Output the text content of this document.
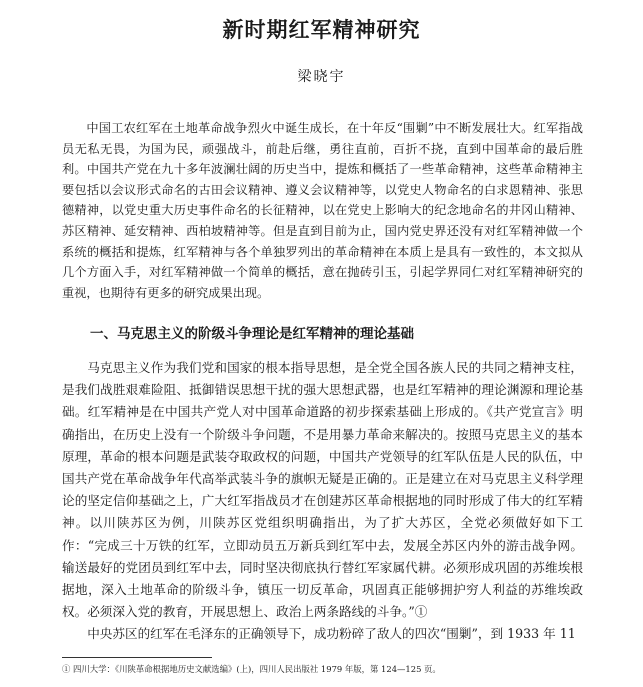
新时期红军精神研究
梁晓宇

中国工农红军在土地革命战争烈火中诞生成长，在十年反“围剿”中不断发展壮大。红军指战员无私无畏，为国为民，顽强战斗，前赴后继，勇往直前，百折不挠，直到中国革命的最后胜利。中国共产党在九十多年波澜壮阔的历史当中，提炼和概括了一些革命精神，这些革命精神主要包括以会议形式命名的古田会议精神、遵义会议精神等，以党史人物命名的白求恩精神、张思德精神，以党史重大历史事件命名的长征精神，以在党史上影响大的纪念地命名的井冈山精神、苏区精神、延安精神、西柏坡精神等。但是直到目前为止，国内党史界还没有对红军精神做一个系统的概括和提炼，红军精神与各个单独罗列出的革命精神在本质上是具有一致性的，本文拟从几个方面入手，对红军精神做一个简单的概括，意在抛砖引玉，引起学界同仁对红军精神研究的重视，也期待有更多的研究成果出现。

一、马克思主义的阶级斗争理论是红军精神的理论基础

马克思主义作为我们党和国家的根本指导思想，是全党全国各族人民的共同之精神支柱，是我们战胜艰难险阻、抵御错误思想干扰的强大思想武器，也是红军精神的理论渊源和理论基础。红军精神是在中国共产党人对中国革命道路的初步探索基础上形成的。《共产党宣言》明确指出，在历史上没有一个阶级斗争问题，不是用暴力革命来解决的。按照马克思主义的基本原理，革命的根本问题是武装夺取政权的问题，中国共产党领导的红军队伍是人民的队伍，中国共产党在革命战争年代高举武装斗争的旗帜无疑是正确的。正是建立在对马克思主义科学理论的坚定信仰基础之上，广大红军指战员才在创建苏区革命根据地的同时形成了伟大的红军精神。以川陕苏区为例，川陕苏区党组织明确指出，为了扩大苏区，全党必须做好如下工作：“完成三十万铁的红军，立即动员五万新兵到红军中去，发展全苏区内外的游击战争网。输送最好的党团员到红军中去，同时坚决彻底执行替红军家属代耕。必须形成巩固的苏维埃根据地，深入土地革命的阶级斗争，镇压一切反革命，巩固真正能够拥护穷人利益的苏维埃政权。必须深入党的教育，开展思想上、政治上两条路线的斗争。”①

中央苏区的红军在毛泽东的正确领导下，成功粉碎了敌人的四次“围剿”，到 1933 年 11

① 四川大学：《川陕革命根据地历史文献选编》(上)，四川人民出版社 1979 年版，第 124—125 页。
